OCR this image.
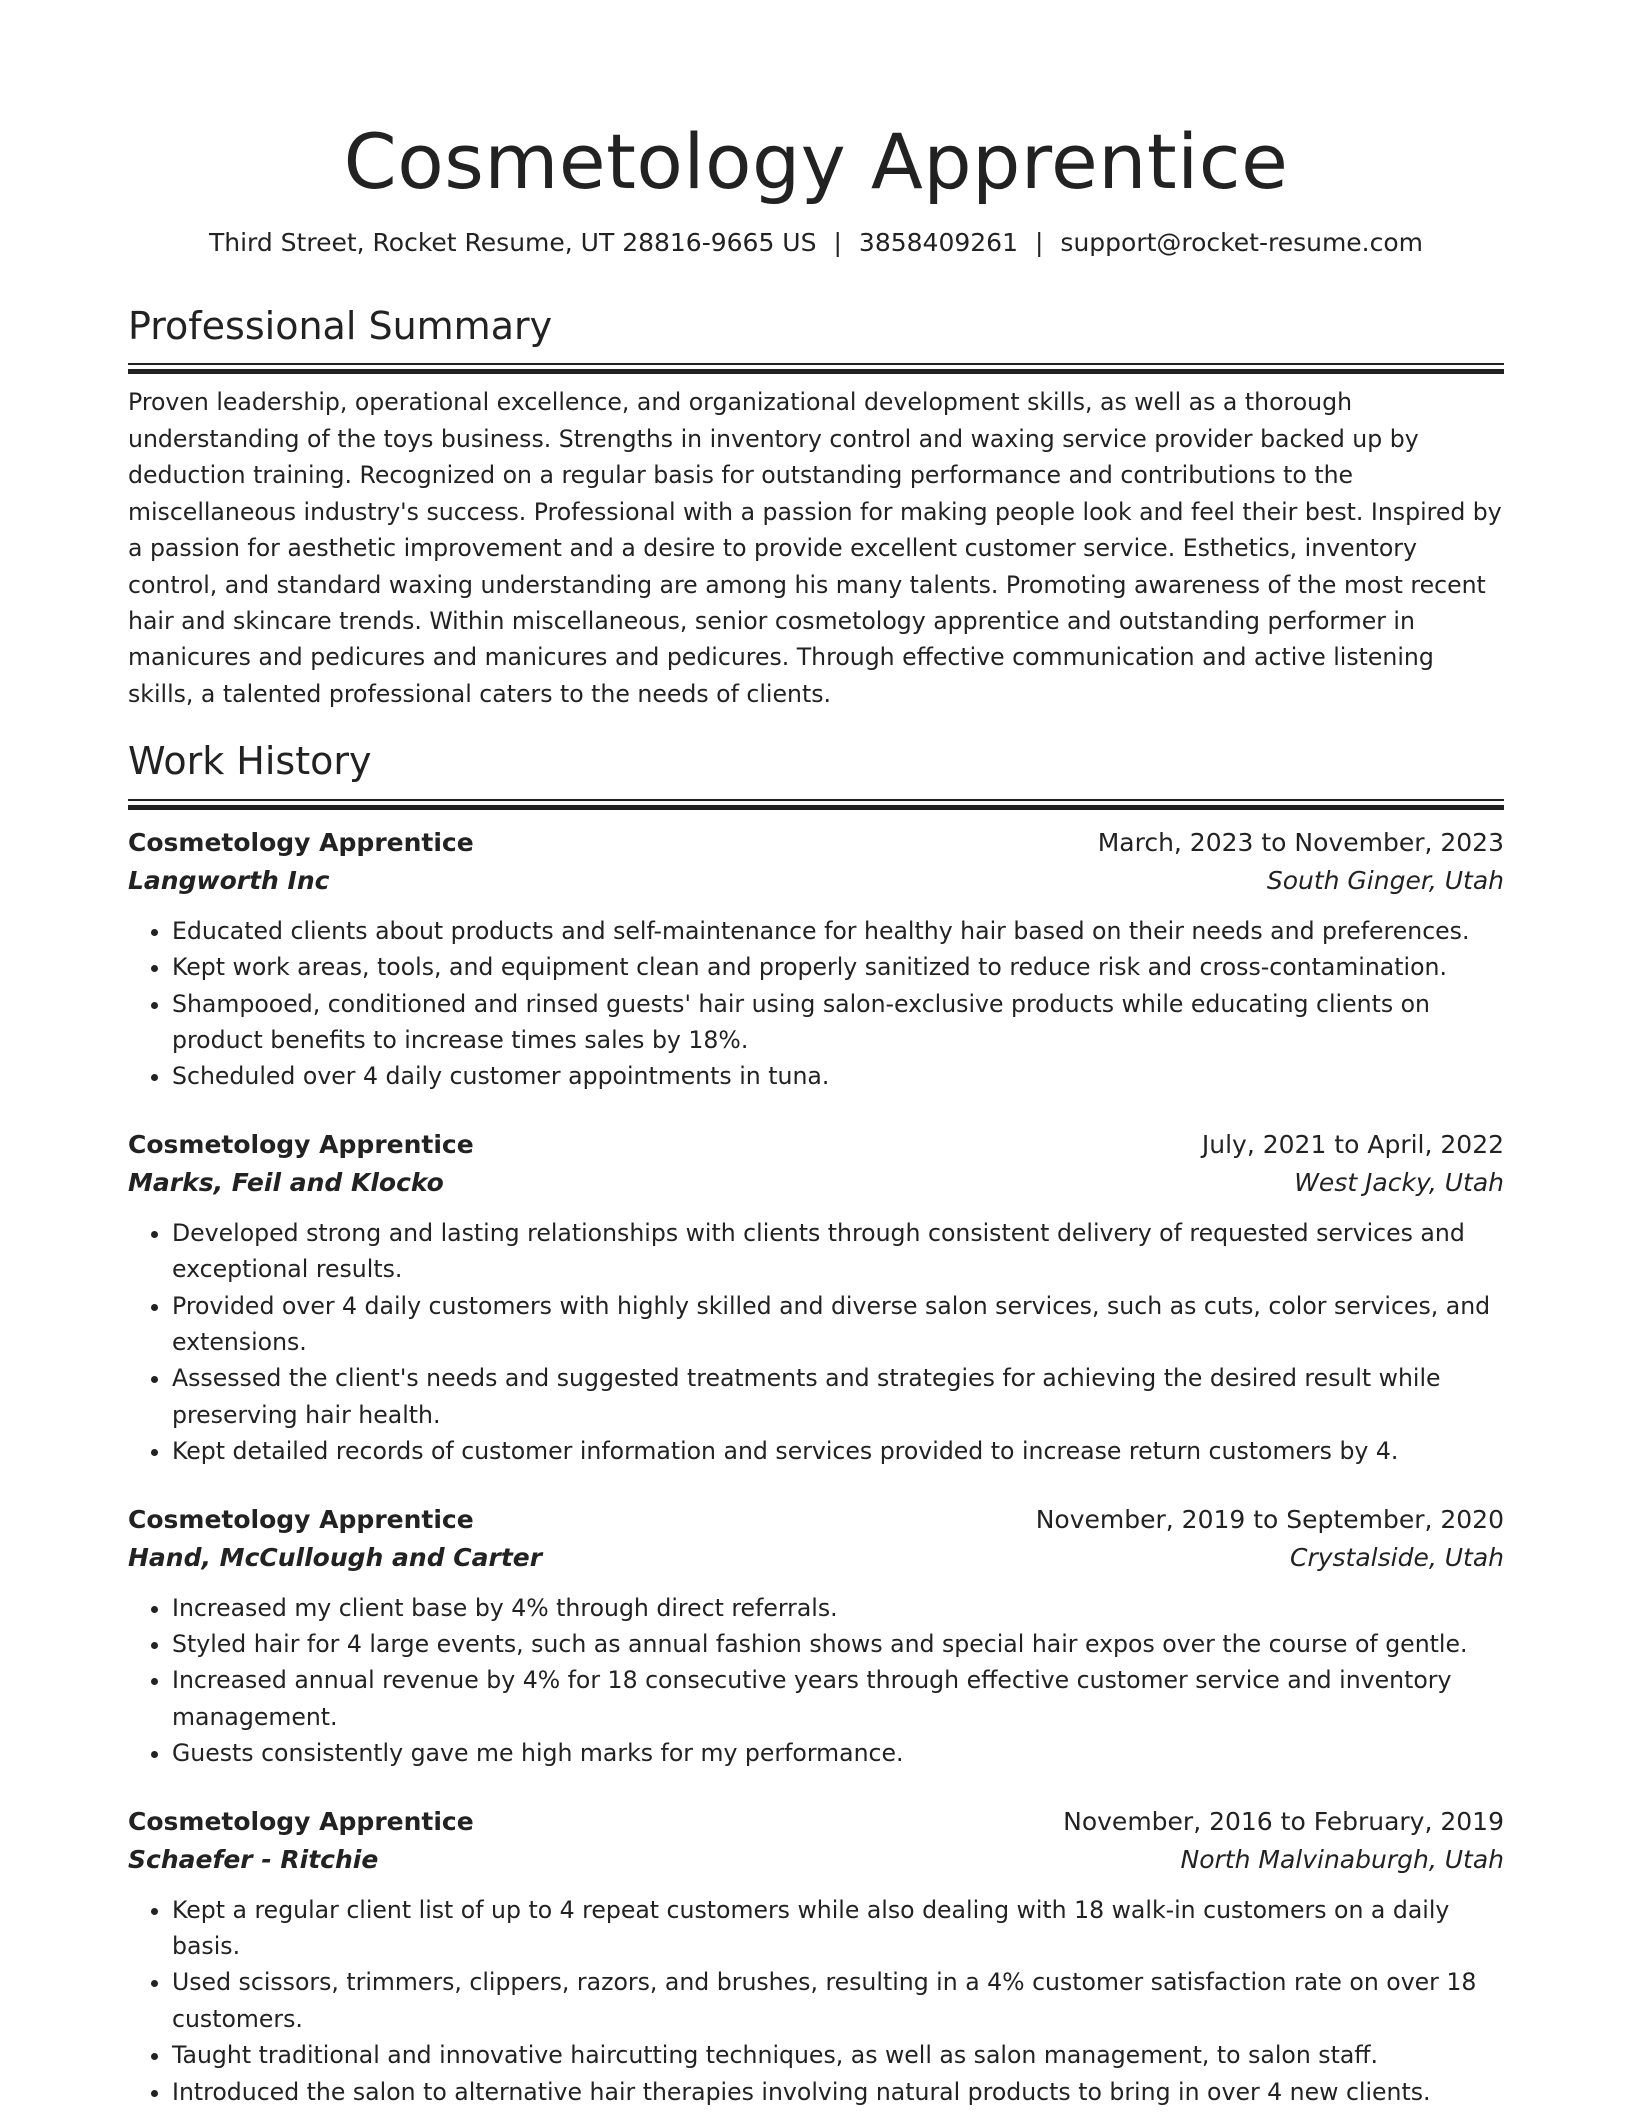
Cosmetology Apprentice
Third Street, Rocket Resume, UT 28816-9665 US | 3858409261 | support@rocket-resume.com
Professional Summary

Proven leadership, operational excellence, and organizational development skills, as well as a thorough understanding of the toys business. Strengths in inventory control and waxing service provider backed up by deduction training. Recognized on a regular basis for outstanding performance and contributions to the miscellaneous industry's success. Professional with a passion for making people look and feel their best. Inspired by a passion for aesthetic improvement and a desire to provide excellent customer service. Esthetics, inventory control, and standard waxing understanding are among his many talents. Promoting awareness of the most recent hair and skincare trends. Within miscellaneous, senior cosmetology apprentice and outstanding performer in manicures and pedicures and manicures and pedicures. Through effective communication and active listening skills, a talented professional caters to the needs of clients.

Work History
Cosmetology Apprentice	March, 2023 to November, 2023
Langworth Inc	South Ginger, Utah
• Educated clients about products and self-maintenance for healthy hair based on their needs and preferences.
• Kept work areas, tools, and equipment clean and properly sanitized to reduce risk and cross-contamination.
• Shampooed, conditioned and rinsed guests' hair using salon-exclusive products while educating clients on product benefits to increase times sales by 18%.
• Scheduled over 4 daily customer appointments in tuna.
Cosmetology Apprentice	July, 2021 to April, 2022
Marks, Feil and Klocko	West Jacky, Utah
• Developed strong and lasting relationships with clients through consistent delivery of requested services and exceptional results.
• Provided over 4 daily customers with highly skilled and diverse salon services, such as cuts, color services, and extensions.
• Assessed the client's needs and suggested treatments and strategies for achieving the desired result while preserving hair health.
• Kept detailed records of customer information and services provided to increase return customers by 4.
Cosmetology Apprentice	November, 2019 to September, 2020
Hand, McCullough and Carter	Crystalside, Utah
• Increased my client base by 4% through direct referrals.
• Styled hair for 4 large events, such as annual fashion shows and special hair expos over the course of gentle.
• Increased annual revenue by 4% for 18 consecutive years through effective customer service and inventory management.
• Guests consistently gave me high marks for my performance.
Cosmetology Apprentice	November, 2016 to February, 2019
Schaefer - Ritchie	North Malvinaburgh, Utah
• Kept a regular client list of up to 4 repeat customers while also dealing with 18 walk-in customers on a daily basis.
• Used scissors, trimmers, clippers, razors, and brushes, resulting in a 4% customer satisfaction rate on over 18 customers.
• Taught traditional and innovative haircutting techniques, as well as salon management, to salon staff.
• Introduced the salon to alternative hair therapies involving natural products to bring in over 4 new clients.
